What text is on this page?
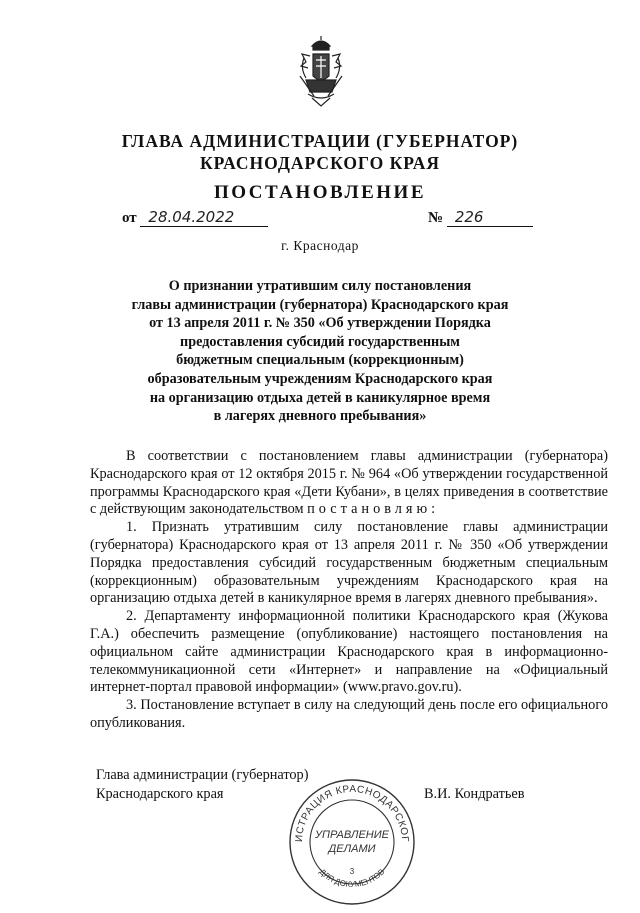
ГЛАВА АДМИНИСТРАЦИИ (ГУБЕРНАТОР)
КРАСНОДАРСКОГО КРАЯ
ПОСТАНОВЛЕНИЕ
от 28.04.2022	№ 226
г. Краснодар
О признании утратившим силу постановления
главы администрации (губернатора) Краснодарского края
от 13 апреля 2011 г. № 350 «Об утверждении Порядка
предоставления субсидий государственным
бюджетным специальным (коррекционным)
образовательным учреждениям Краснодарского края
на организацию отдыха детей в каникулярное время
в лагерях дневного пребывания»

В соответствии с постановлением главы администрации (губернатора) Краснодарского края от 12 октября 2015 г. № 964 «Об утверждении государственной программы Краснодарского края «Дети Кубани», в целях приведения в соответствие с действующим законодательством постановляю:

1. Признать утратившим силу постановление главы администрации (губернатора) Краснодарского края от 13 апреля 2011 г. № 350 «Об утверждении Порядка предоставления субсидий государственным бюджетным специальным (коррекционным) образовательным учреждениям Краснодарского края на организацию отдыха детей в каникулярное время в лагерях дневного пребывания».

2. Департаменту информационной политики Краснодарского края (Жукова Г.А.) обеспечить размещение (опубликование) настоящего постановления на официальном сайте администрации Краснодарского края в информационно-телекоммуникационной сети «Интернет» и направление на «Официальный интернет-портал правовой информации» (www.pravo.gov.ru).

3. Постановление вступает в силу на следующий день после его официального опубликования.

Глава администрации (губернатор)
Краснодарского края	В.И. Кондратьев
ИСТРАЦИЯ КРАСНОДАРСКОГ
ДЛЯ ДОКУМЕНТОВ
УПРАВЛЕНИЕ
ДЕЛАМИ
3
